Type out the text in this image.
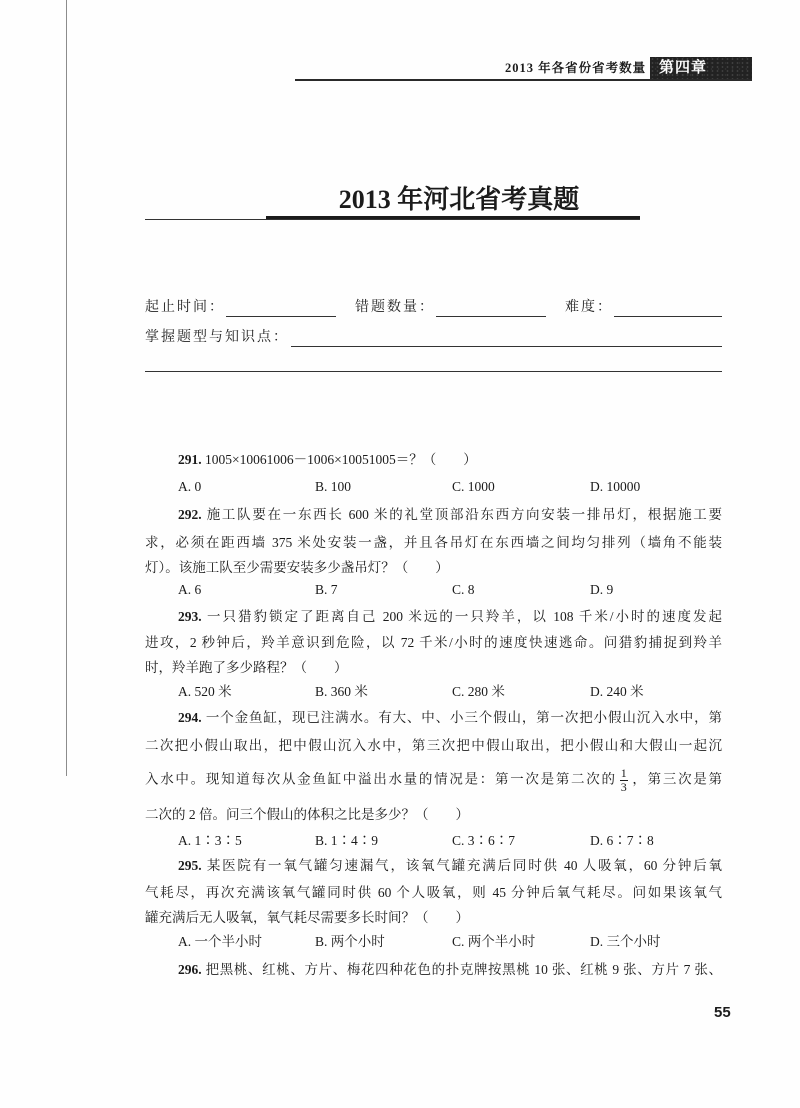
2013 年各省份省考数量 第四章
2013 年河北省考真题
起止时间：	错题数量：	难度：
掌握题型与知识点：
291. 1005×10061006－1006×10051005＝？（　　）
A. 0	B. 100	C. 1000	D. 10000
292. 施工队要在一东西长 600 米的礼堂顶部沿东西方向安装一排吊灯，根据施工要
求，必须在距西墙 375 米处安装一盏，并且各吊灯在东西墙之间均匀排列（墙角不能装
灯）。该施工队至少需要安装多少盏吊灯？（　　）
A. 6	B. 7	C. 8	D. 9
293. 一只猎豹锁定了距离自己 200 米远的一只羚羊，以 108 千米/小时的速度发起
进攻，2 秒钟后，羚羊意识到危险，以 72 千米/小时的速度快速逃命。问猎豹捕捉到羚羊
时，羚羊跑了多少路程？（　　）
A. 520 米	B. 360 米	C. 280 米	D. 240 米
294. 一个金鱼缸，现已注满水。有大、中、小三个假山，第一次把小假山沉入水中，第
二次把小假山取出，把中假山沉入水中，第三次把中假山取出，把小假山和大假山一起沉
入水中。现知道每次从金鱼缸中溢出水量的情况是：第一次是第二次的 $\frac{1}{3}$ ，第三次是第
二次的 2 倍。问三个假山的体积之比是多少？（　　）
A. 1∶3∶5	B. 1∶4∶9	C. 3∶6∶7	D. 6∶7∶8
295. 某医院有一氧气罐匀速漏气，该氧气罐充满后同时供 40 人吸氧，60 分钟后氧
气耗尽，再次充满该氧气罐同时供 60 个人吸氧，则 45 分钟后氧气耗尽。问如果该氧气
罐充满后无人吸氧，氧气耗尽需要多长时间？（　　）
A. 一个半小时	B. 两个小时	C. 两个半小时	D. 三个小时
296. 把黑桃、红桃、方片、梅花四种花色的扑克牌按黑桃 10 张、红桃 9 张、方片 7 张、
55
